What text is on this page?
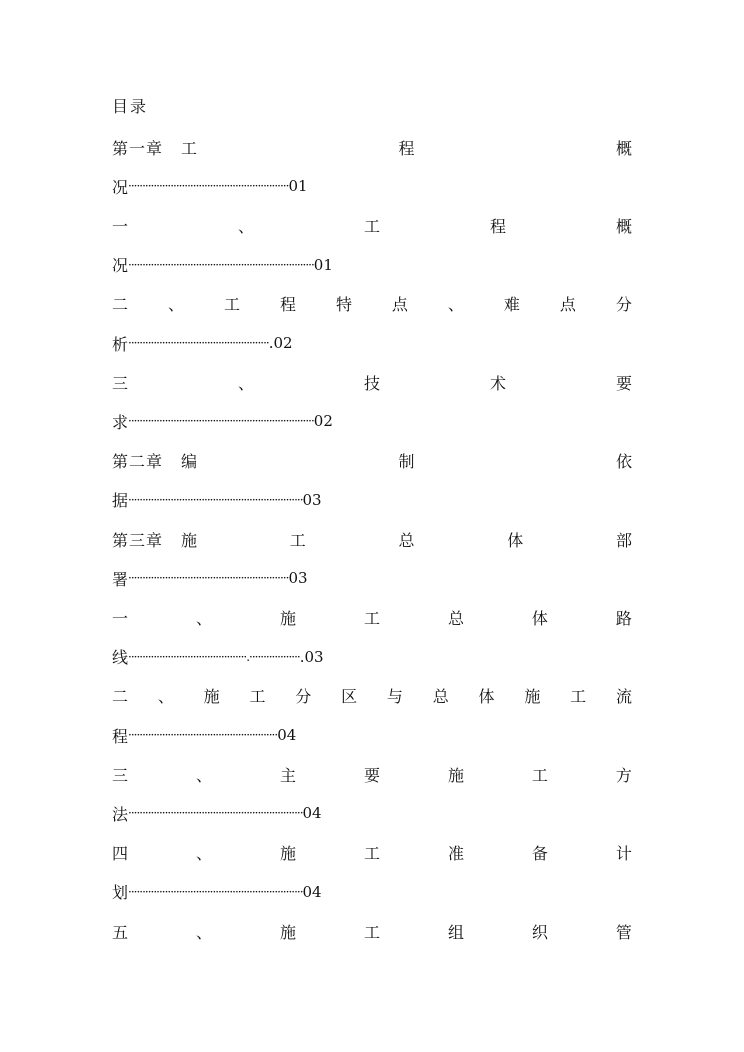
目录
第一章 工	程	概
况 ························································· 01
一	、	工	程	概
况 ·································································· 01
二 、 工 程 特 点 、 难 点 分
析 ·················································· .02
三	、	技	术	要
求 ·································································· 02
第二章 编	制	依
据 ······························································ 03
第三章 施	工	总	体	部
署 ························································· 03
一	、	施	工	总	体	路
线 ··········································.·················· .03
二 、 施 工 分 区 与 总 体 施 工 流
程 ····················································· 04
三	、	主	要	施	工	方
法 ······························································ 04
四	、	施	工	准	备	计
划 ······························································ 04
五	、	施	工	组	织	管
